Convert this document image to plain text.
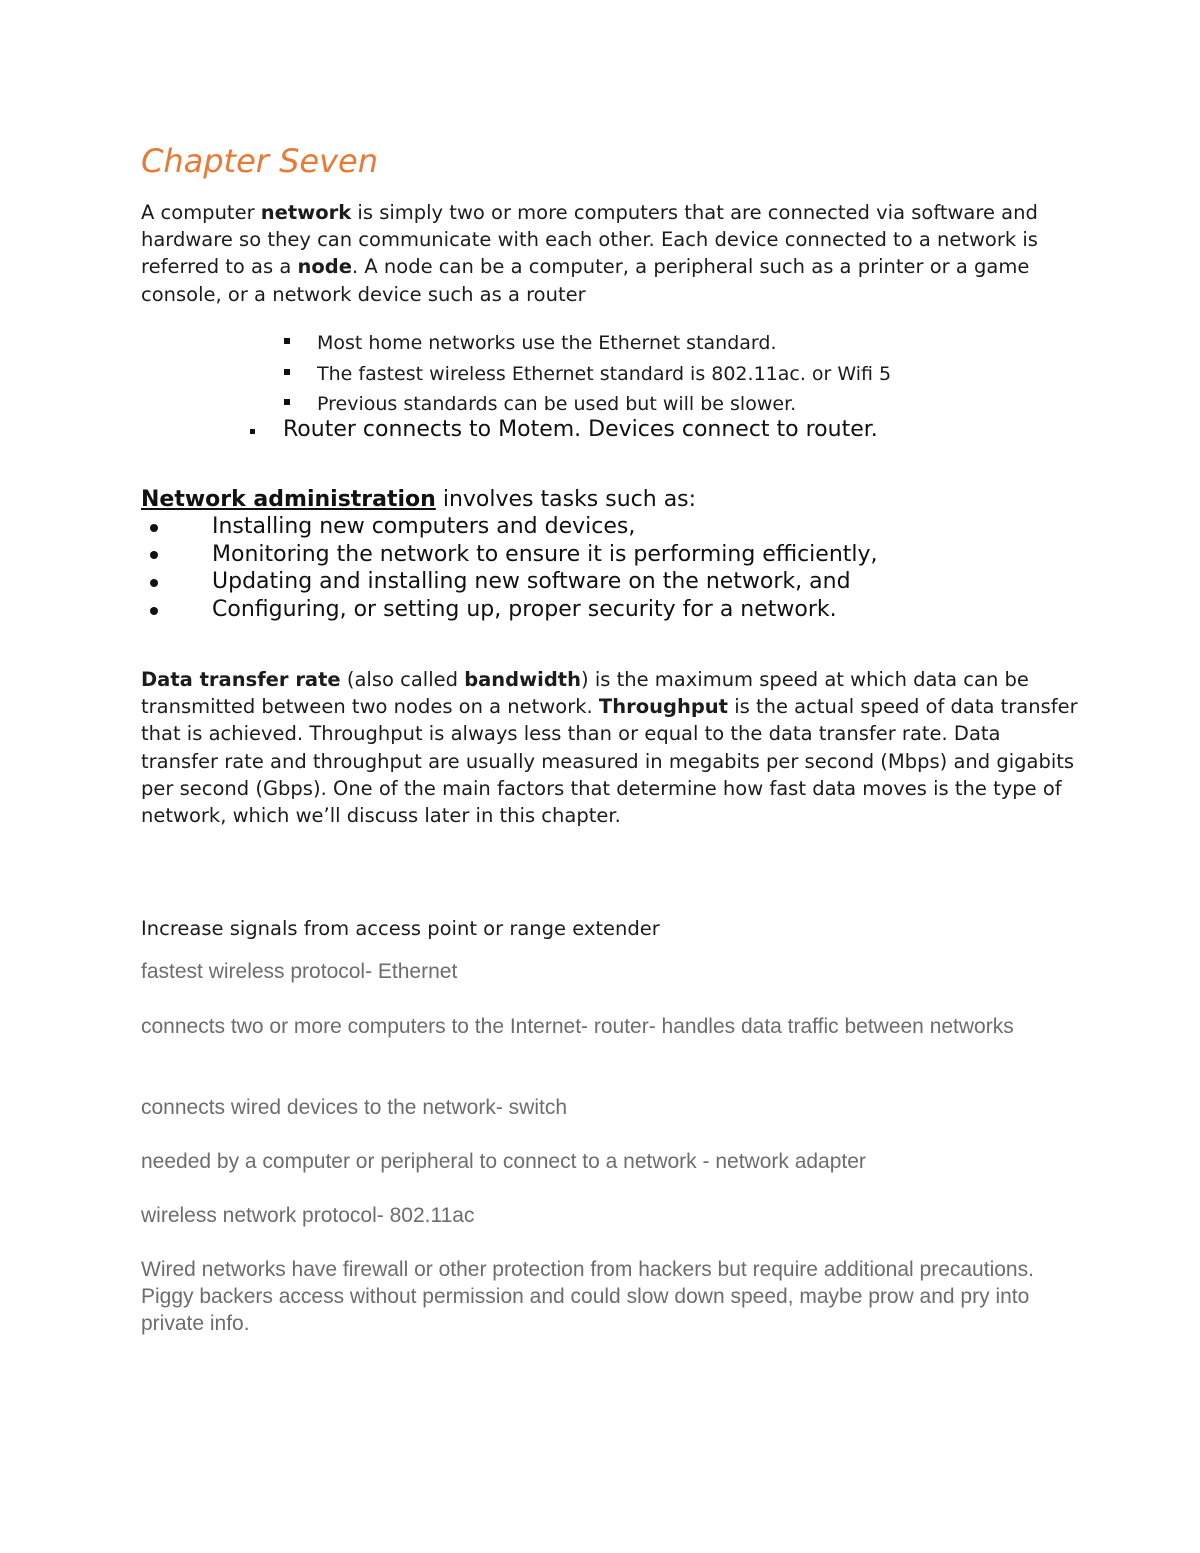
Chapter Seven
A computer network is simply two or more computers that are connected via software and hardware so they can communicate with each other. Each device connected to a network is referred to as a node. A node can be a computer, a peripheral such as a printer or a game console, or a network device such as a router
Most home networks use the Ethernet standard.
The fastest wireless Ethernet standard is 802.11ac. or Wifi 5
Previous standards can be used but will be slower.
Router connects to Motem. Devices connect to router.
Network administration involves tasks such as:
Installing new computers and devices,
Monitoring the network to ensure it is performing efficiently,
Updating and installing new software on the network, and
Configuring, or setting up, proper security for a network.
Data transfer rate (also called bandwidth) is the maximum speed at which data can be transmitted between two nodes on a network. Throughput is the actual speed of data transfer that is achieved. Throughput is always less than or equal to the data transfer rate. Data transfer rate and throughput are usually measured in megabits per second (Mbps) and gigabits per second (Gbps). One of the main factors that determine how fast data moves is the type of network, which we’ll discuss later in this chapter.
Increase signals from access point or range extender
fastest wireless protocol- Ethernet
connects two or more computers to the Internet- router- handles data traffic between networks
connects wired devices to the network- switch
needed by a computer or peripheral to connect to a network - network adapter
wireless network protocol- 802.11ac
Wired networks have firewall or other protection from hackers but require additional precautions. Piggy backers access without permission and could slow down speed, maybe prow and pry into private info.
